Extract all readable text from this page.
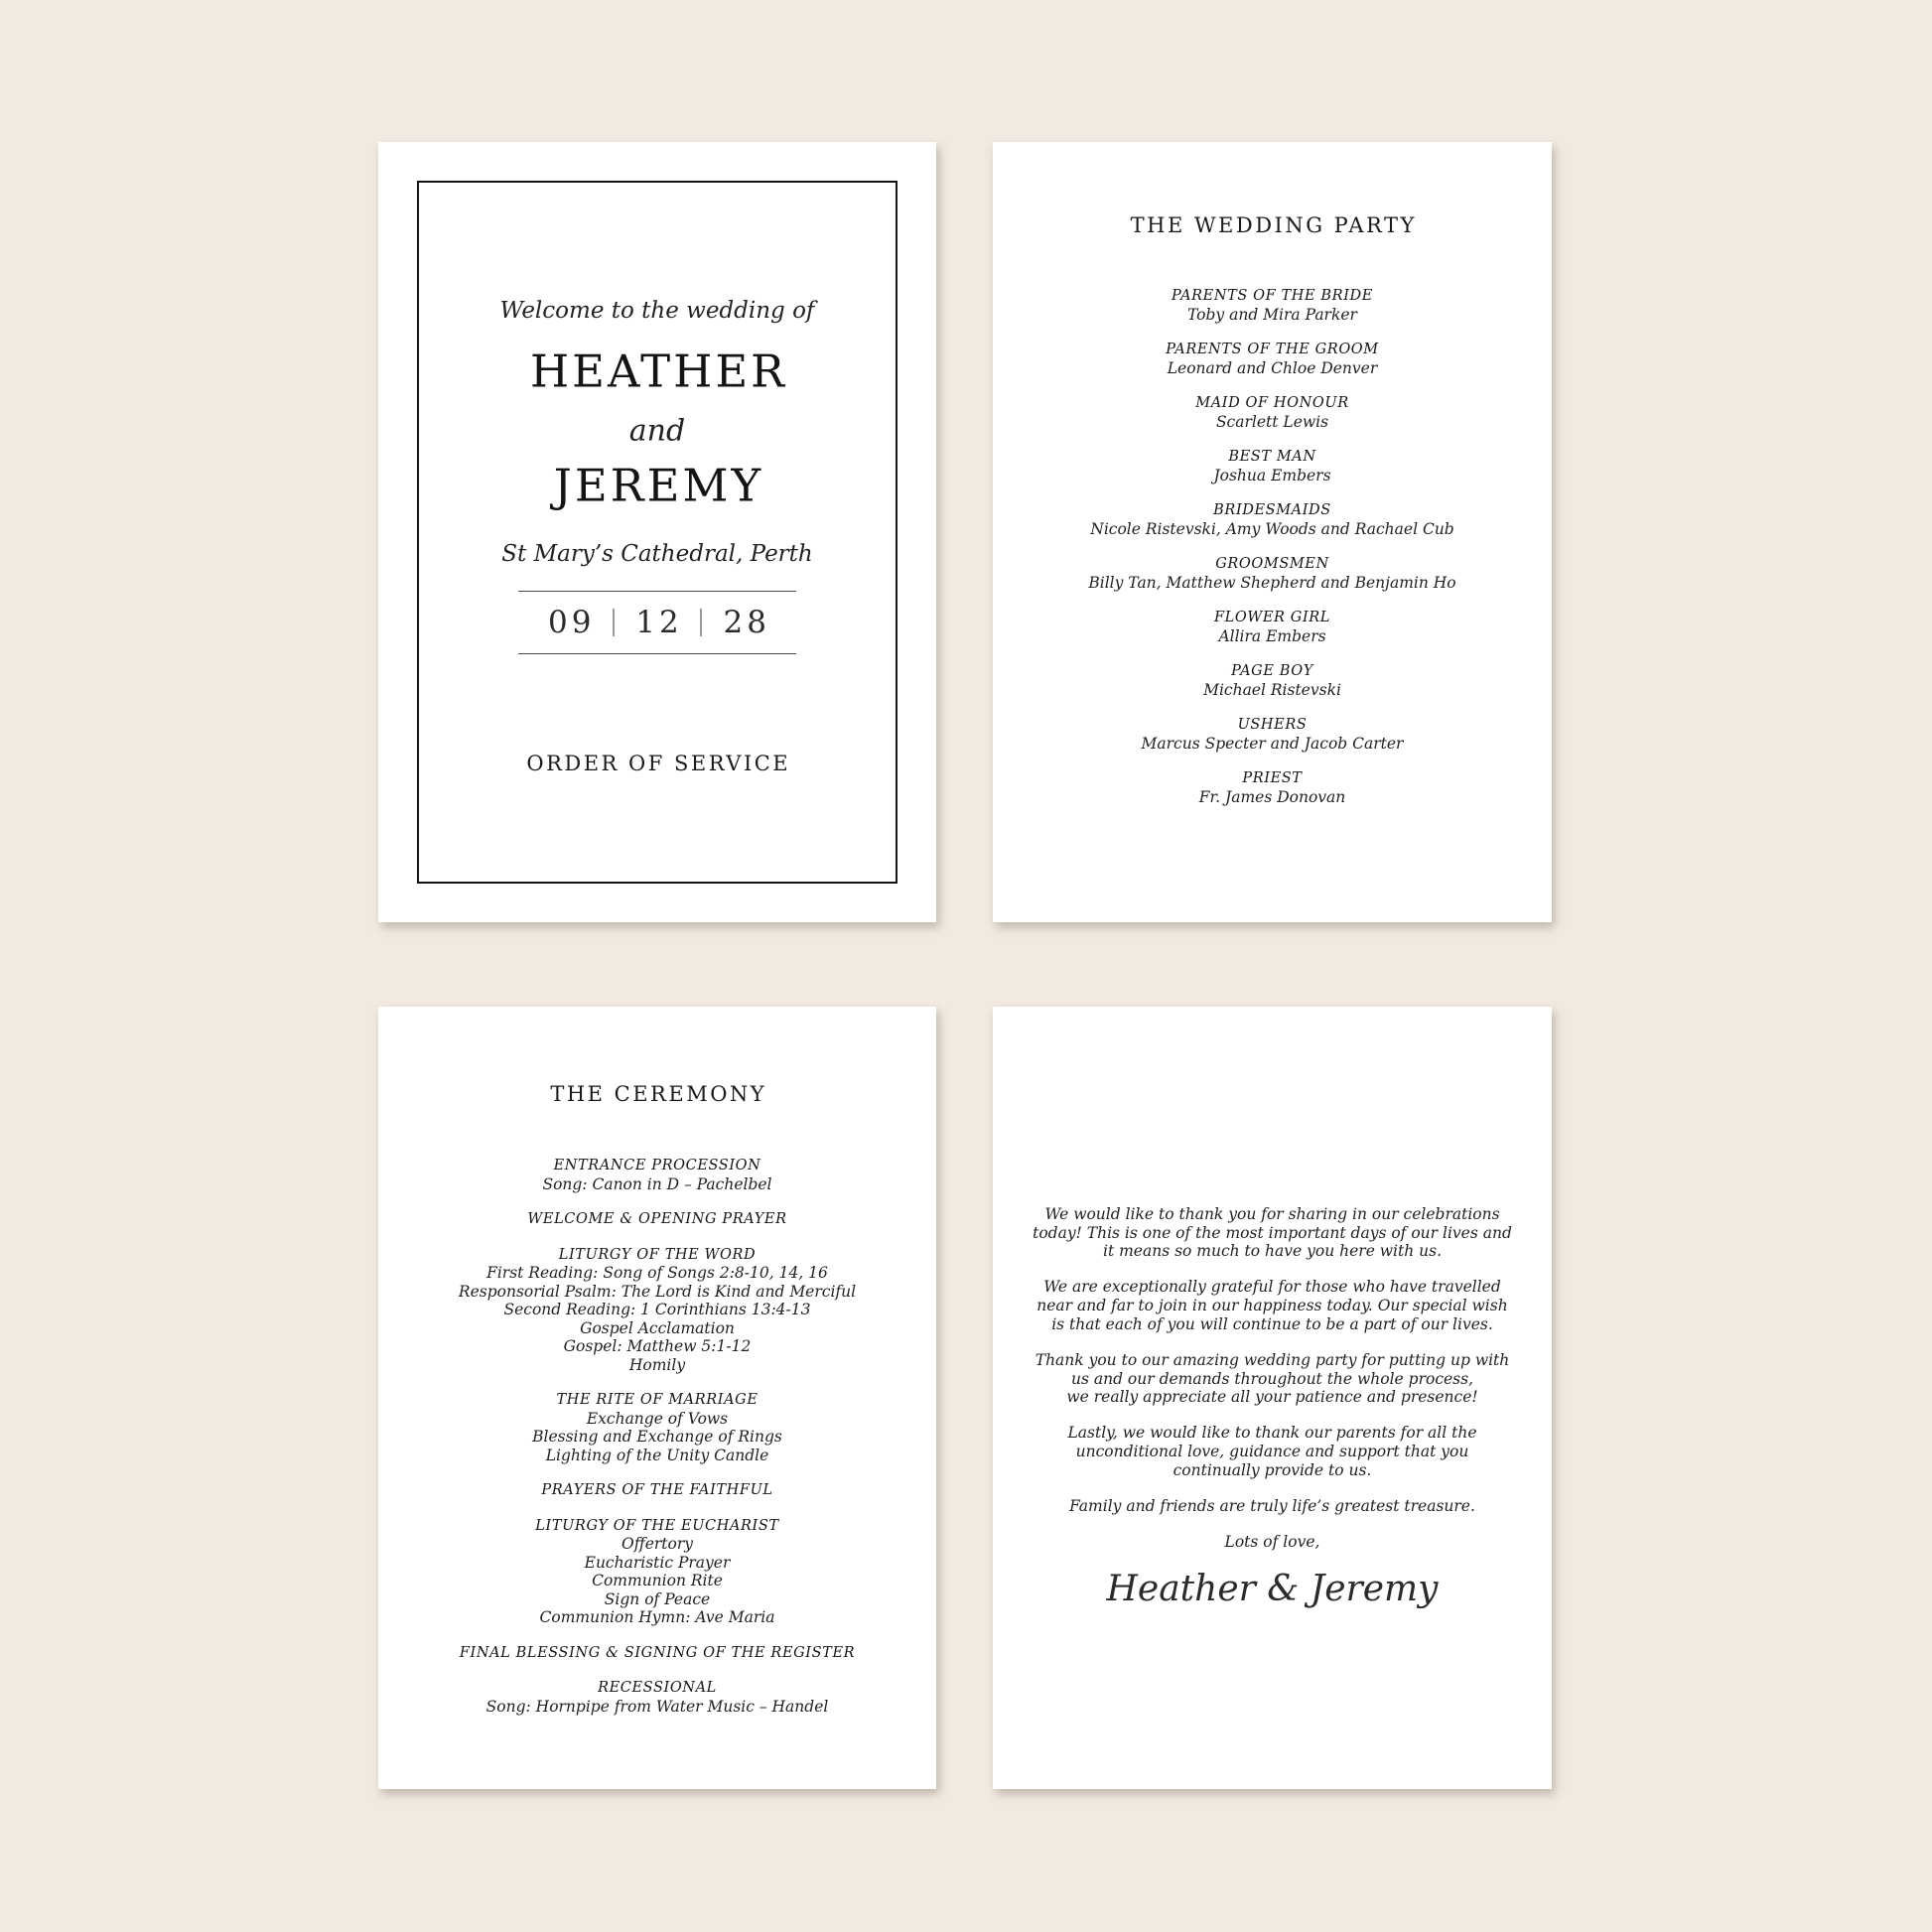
Welcome to the wedding of
HEATHER
and
JEREMY
St Mary’s Cathedral, Perth
09 12 28
ORDER OF SERVICE
THE WEDDING PARTY
PARENTS OF THE BRIDE
Toby and Mira Parker
PARENTS OF THE GROOM
Leonard and Chloe Denver
MAID OF HONOUR
Scarlett Lewis
BEST MAN
Joshua Embers
BRIDESMAIDS
Nicole Ristevski, Amy Woods and Rachael Cub
GROOMSMEN
Billy Tan, Matthew Shepherd and Benjamin Ho
FLOWER GIRL
Allira Embers
PAGE BOY
Michael Ristevski
USHERS
Marcus Specter and Jacob Carter
PRIEST
Fr. James Donovan
THE CEREMONY
ENTRANCE PROCESSION
Song: Canon in D – Pachelbel
WELCOME & OPENING PRAYER
LITURGY OF THE WORD
First Reading: Song of Songs 2:8-10, 14, 16
Responsorial Psalm: The Lord is Kind and Merciful
Second Reading: 1 Corinthians 13:4-13
Gospel Acclamation
Gospel: Matthew 5:1-12
Homily
THE RITE OF MARRIAGE
Exchange of Vows
Blessing and Exchange of Rings
Lighting of the Unity Candle
PRAYERS OF THE FAITHFUL
LITURGY OF THE EUCHARIST
Offertory
Eucharistic Prayer
Communion Rite
Sign of Peace
Communion Hymn: Ave Maria
FINAL BLESSING & SIGNING OF THE REGISTER
RECESSIONAL
Song: Hornpipe from Water Music – Handel
We would like to thank you for sharing in our celebrations
today! This is one of the most important days of our lives and
it means so much to have you here with us.
We are exceptionally grateful for those who have travelled
near and far to join in our happiness today. Our special wish
is that each of you will continue to be a part of our lives.
Thank you to our amazing wedding party for putting up with
us and our demands throughout the whole process,
we really appreciate all your patience and presence!
Lastly, we would like to thank our parents for all the
unconditional love, guidance and support that you
continually provide to us.
Family and friends are truly life’s greatest treasure.
Lots of love,
Heather & Jeremy
